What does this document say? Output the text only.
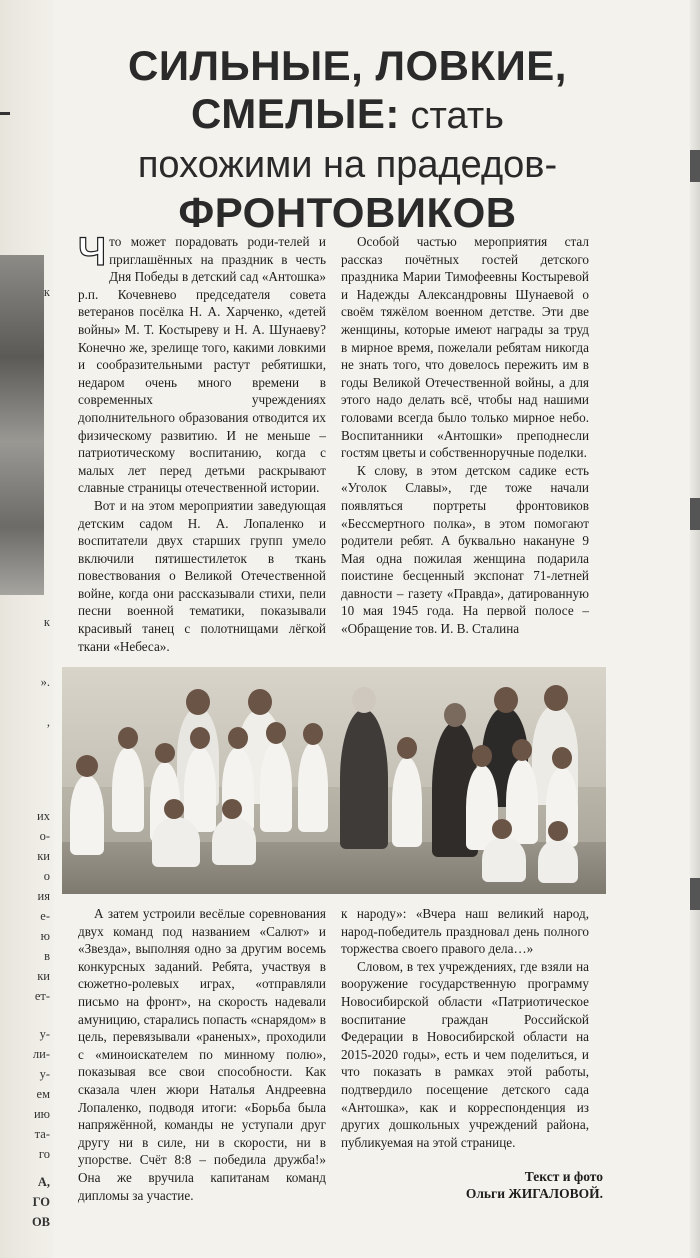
к
к
».
,
их
о-
ки
о
ия
е-
ю
в
ки
ет-
у-
ли-
у-
ем
ию
та-
го
А,
ГО
ОВ
СИЛЬНЫЕ, ЛОВКИЕ,
СМЕЛЫЕ: стать
похожими на прадедов-
ФРОНТОВИКОВ

Что может порадовать роди-телей и приглашённых на праздник в честь Дня Победы в детский сад «Антошка» р.п. Кочевнево председателя совета ветеранов посёлка Н. А. Харченко, «детей войны» М. Т. Костыреву и Н. А. Шунаеву? Конечно же, зрелище того, какими ловкими и сообразительными растут ребятишки, недаром очень много времени в современных учреждениях дополнительного образования отводится их физическому развитию. И не меньше – патриотическому воспитанию, когда с малых лет перед детьми раскрывают славные страницы отечественной истории.

Вот и на этом мероприятии заведующая детским садом Н. А. Лопаленко и воспитатели двух старших групп умело включили пятишестилеток в ткань повествования о Великой Отечественной войне, когда они рассказывали стихи, пели песни военной тематики, показывали красивый танец с полотнищами лёгкой ткани «Небеса».

Особой частью мероприятия стал рассказ почётных гостей детского праздника Марии Тимофеевны Костыревой и Надежды Александровны Шунаевой о своём тяжёлом военном детстве. Эти две женщины, которые имеют награды за труд в мирное время, пожелали ребятам никогда не знать того, что довелось пережить им в годы Великой Отечественной войны, а для этого надо делать всё, чтобы над нашими головами всегда было только мирное небо. Воспитанники «Антошки» преподнесли гостям цветы и собственноручные поделки.

К слову, в этом детском садике есть «Уголок Славы», где тоже начали появляться портреты фронтовиков «Бессмертного полка», в этом помогают родители ребят. А буквально накануне 9 Мая одна пожилая женщина подарила поистине бесценный экспонат 71-летней давности – газету «Правда», датированную 10 мая 1945 года. На первой полосе – «Обращение тов. И. В. Сталина

А затем устроили весёлые соревнования двух команд под названием «Салют» и «Звезда», выполняя одно за другим восемь конкурсных заданий. Ребята, участвуя в сюжетно-ролевых играх, «отправляли письмо на фронт», на скорость надевали амуницию, старались попасть «снарядом» в цель, перевязывали «раненых», проходили с «миноискателем по минному полю», показывая все свои способности. Как сказала член жюри Наталья Андреевна Лопаленко, подводя итоги: «Борьба была напряжённой, команды не уступали друг другу ни в силе, ни в скорости, ни в упорстве. Счёт 8:8 – победила дружба!» Она же вручила капитанам команд дипломы за участие.

к народу»: «Вчера наш великий народ, народ-победитель праздновал день полного торжества своего правого дела…»

Словом, в тех учреждениях, где взяли на вооружение государственную программу Новосибирской области «Патриотическое воспитание граждан Российской Федерации в Новосибирской области на 2015-2020 годы», есть и чем поделиться, и что показать в рамках этой работы, подтвердило посещение детского сада «Антошка», как и корреспонденция из других дошкольных учреждений района, публикуемая на этой странице.

Текст и фото
Ольги ЖИГАЛОВОЙ.
